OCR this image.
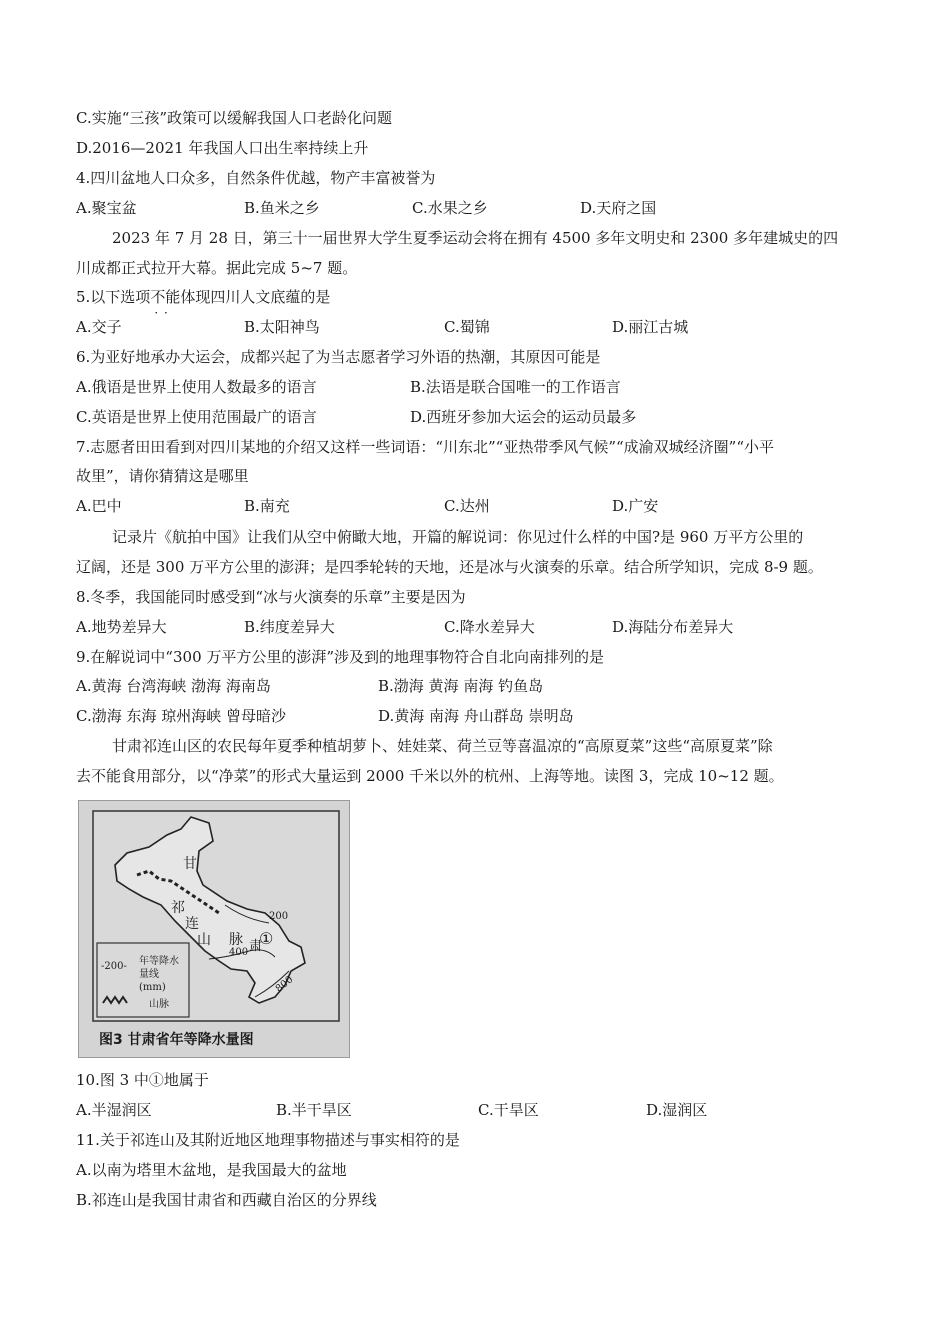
C.实施“三孩”政策可以缓解我国人口老龄化问题
D.2016—2021 年我国人口出生率持续上升
4.四川盆地人口众多，自然条件优越，物产丰富被誉为
A.聚宝盆	B.鱼米之乡	C.水果之乡	D.天府之国
2023 年 7 月 28 日，第三十一届世界大学生夏季运动会将在拥有 4500 多年文明史和 2300 多年建城史的四
川成都正式拉开大幕。据此完成 5~7 题。
5.以下选项不能 · ·体现四川人文底蕴的是
A.交子	B.太阳神鸟	C.蜀锦	D.丽江古城
6.为亚好地承办大运会，成都兴起了为当志愿者学习外语的热潮，其原因可能是
A.俄语是世界上使用人数最多的语言	B.法语是联合国唯一的工作语言
C.英语是世界上使用范围最广的语言	D.西班牙参加大运会的运动员最多
7.志愿者田田看到对四川某地的介绍又这样一些词语：“川东北”“亚热带季风气候”“成渝双城经济圈”“小平
故里”，请你猜猜这是哪里
A.巴中	B.南充	C.达州	D.广安
记录片《航拍中国》让我们从空中俯瞰大地，开篇的解说词：你见过什么样的中国?是 960 万平方公里的
辽阔，还是 300 万平方公里的澎湃；是四季轮转的天地，还是冰与火演奏的乐章。结合所学知识，完成 8-9 题。
8.冬季，我国能同时感受到“冰与火演奏的乐章”主要是因为
A.地势差异大	B.纬度差异大	C.降水差异大	D.海陆分布差异大
9.在解说词中“300 万平方公里的澎湃”涉及到的地理事物符合自北向南排列的是
A.黄海 台湾海峡 渤海 海南岛	B.渤海 黄海 南海 钓鱼岛
C.渤海 东海 琼州海峡 曾母暗沙	D.黄海 南海 舟山群岛 崇明岛
甘肃祁连山区的农民每年夏季种植胡萝卜、娃娃菜、荷兰豆等喜温凉的“高原夏菜”这些“高原夏菜”除
去不能食用部分，以“净菜”的形式大量运到 2000 千米以外的杭州、上海等地。读图 3，完成 10~12 题。
甘
祁
连
山 脉 肃
①
200
400
800
-200- 年等降水量线(mm)
山脉
图3 甘肃省年等降水量图
10.图 3 中①地属于
A.半湿润区	B.半干旱区	C.干旱区	D.湿润区
11.关于祁连山及其附近地区地理事物描述与事实相符的是
A.以南为塔里木盆地，是我国最大的盆地
B.祁连山是我国甘肃省和西藏自治区的分界线
